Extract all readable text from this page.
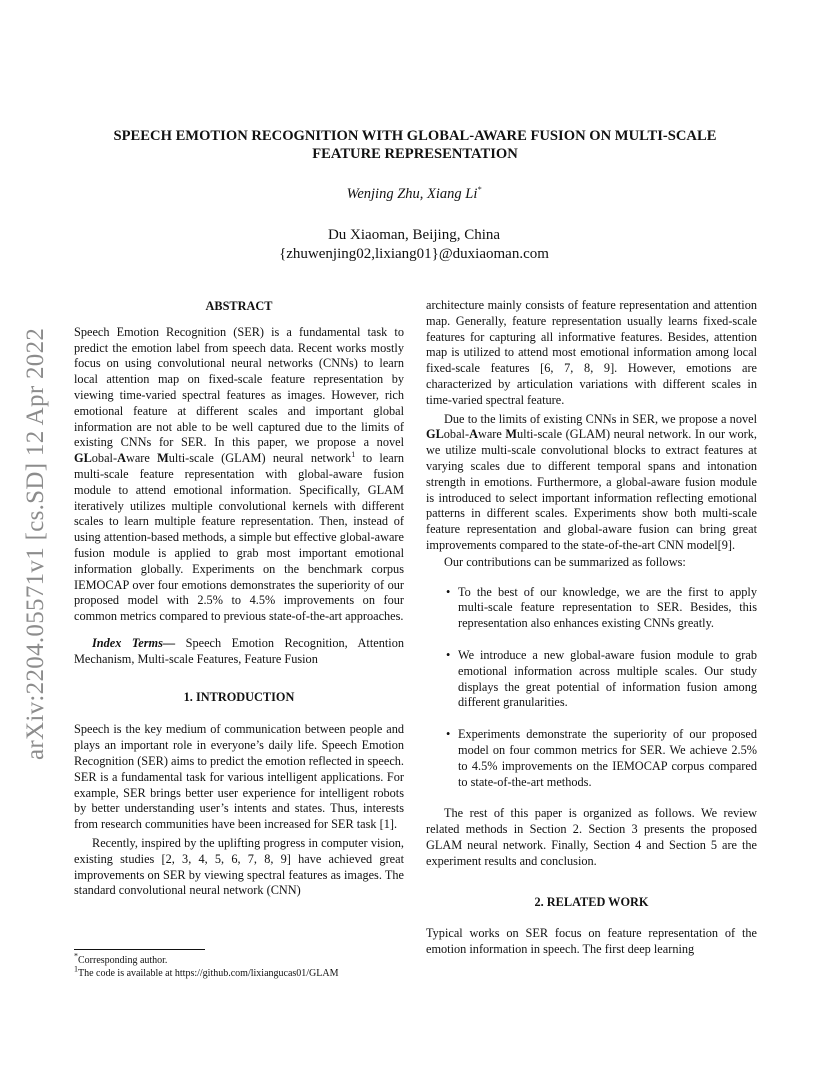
arXiv:2204.05571v1 [cs.SD] 12 Apr 2022
SPEECH EMOTION RECOGNITION WITH GLOBAL-AWARE FUSION ON MULTI-SCALE
FEATURE REPRESENTATION
Wenjing Zhu, Xiang Li*
Du Xiaoman, Beijing, China
{zhuwenjing02,lixiang01}@duxiaoman.com
ABSTRACT

Speech Emotion Recognition (SER) is a fundamental task to predict the emotion label from speech data. Recent works mostly focus on using convolutional neural networks (CNNs) to learn local attention map on fixed-scale feature representation by viewing time-varied spectral features as images. However, rich emotional feature at different scales and important global information are not able to be well captured due to the limits of existing CNNs for SER. In this paper, we propose a novel GLobal-Aware Multi-scale (GLAM) neural network$^1$ to learn multi-scale feature representation with global-aware fusion module to attend emotional information. Specifically, GLAM iteratively utilizes multiple convolutional kernels with different scales to learn multiple feature representation. Then, instead of using attention-based methods, a simple but effective global-aware fusion module is applied to grab most important emotional information globally. Experiments on the benchmark corpus IEMOCAP over four emotions demonstrates the superiority of our proposed model with 2.5% to 4.5% improvements on four common metrics compared to previous state-of-the-art approaches.

Index Terms— Speech Emotion Recognition, Attention Mechanism, Multi-scale Features, Feature Fusion

1. INTRODUCTION

Speech is the key medium of communication between people and plays an important role in everyone’s daily life. Speech Emotion Recognition (SER) aims to predict the emotion reflected in speech. SER is a fundamental task for various intelligent applications. For example, SER brings better user experience for intelligent robots by better understanding user’s intents and states. Thus, interests from research communities have been increased for SER task [1].

Recently, inspired by the uplifting progress in computer vision, existing studies [2, 3, 4, 5, 6, 7, 8, 9] have achieved great improvements on SER by viewing spectral features as images. The standard convolutional neural network (CNN)

architecture mainly consists of feature representation and attention map. Generally, feature representation usually learns fixed-scale features for capturing all informative features. Besides, attention map is utilized to attend most emotional information among local fixed-scale features [6, 7, 8, 9]. However, emotions are characterized by articulation variations with different scales in time-varied spectral feature.

Due to the limits of existing CNNs in SER, we propose a novel GLobal-Aware Multi-scale (GLAM) neural network. In our work, we utilize multi-scale convolutional blocks to extract features at varying scales due to different temporal spans and intonation strength in emotions. Furthermore, a global-aware fusion module is introduced to select important information reflecting emotional patterns in different scales. Experiments show both multi-scale feature representation and global-aware fusion can bring great improvements compared to the state-of-the-art CNN model[9].

Our contributions can be summarized as follows:

• To the best of our knowledge, we are the first to apply multi-scale feature representation to SER. Besides, this representation also enhances existing CNNs greatly.
• We introduce a new global-aware fusion module to grab emotional information across multiple scales. Our study displays the great potential of information fusion among different granularities.
• Experiments demonstrate the superiority of our proposed model on four common metrics for SER. We achieve 2.5% to 4.5% improvements on the IEMOCAP corpus compared to state-of-the-art methods.

The rest of this paper is organized as follows. We review related methods in Section 2. Section 3 presents the proposed GLAM neural network. Finally, Section 4 and Section 5 are the experiment results and conclusion.

2. RELATED WORK

Typical works on SER focus on feature representation of the emotion information in speech. The first deep learning

*Corresponding author.
$^1$The code is available at https://github.com/lixiangucas01/GLAM
